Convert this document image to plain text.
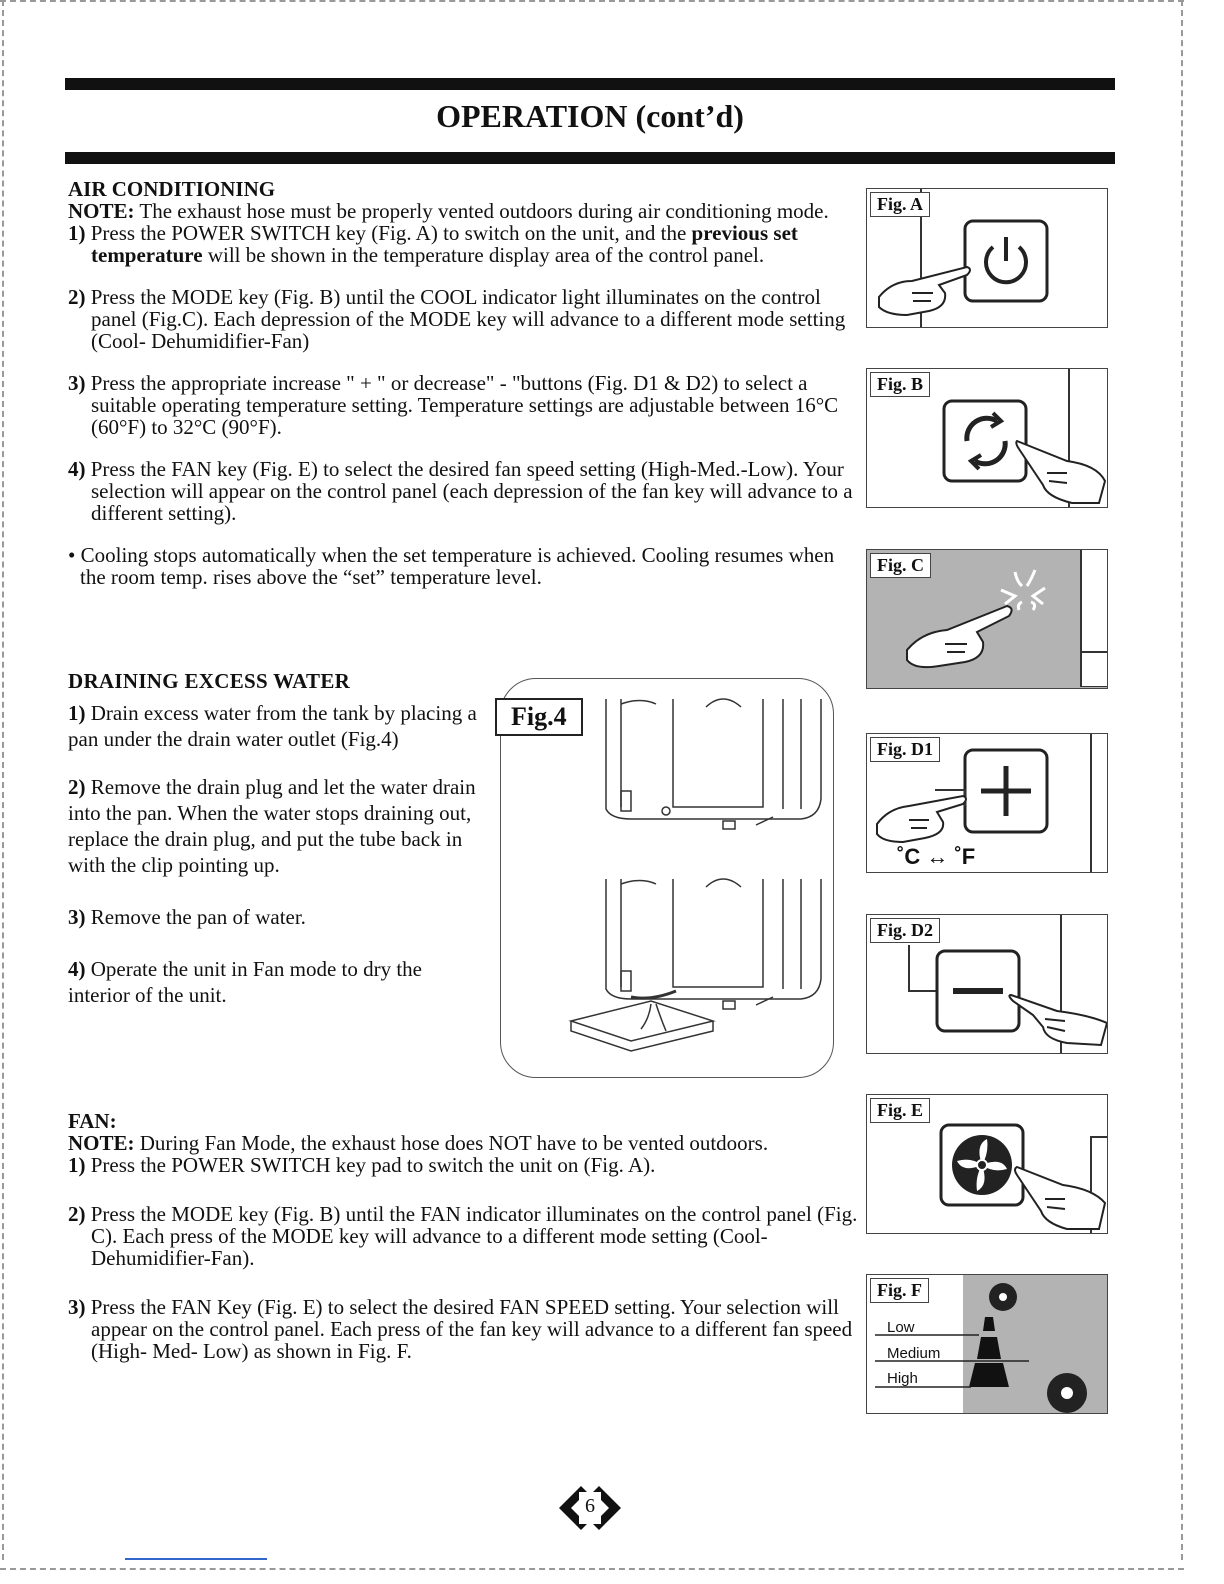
OPERATION (cont’d)
AIR CONDITIONING
NOTE: The exhaust hose must be properly vented outdoors during air conditioning mode.
1) Press the POWER SWITCH key (Fig. A) to switch on the unit, and the previous set temperature will be shown in the temperature display area of the control panel.
2) Press the MODE key (Fig. B) until the COOL indicator light illuminates on the control panel (Fig.C). Each depression of the MODE key will advance to a different mode setting (Cool- Dehumidifier-Fan)
3) Press the appropriate increase " + " or decrease" - "buttons (Fig. D1 & D2) to select a suitable operating temperature setting. Temperature settings are adjustable between 16°C (60°F) to 32°C (90°F).
4) Press the FAN key (Fig. E) to select the desired fan speed setting (High-Med.-Low). Your selection will appear on the control panel (each depression of the fan key will advance to a different setting).
• Cooling stops automatically when the set temperature is achieved. Cooling resumes when the room temp. rises above the “set” temperature level.
DRAINING EXCESS WATER
1) Drain excess water from the tank by placing a pan under the drain water outlet (Fig.4)
2) Remove the drain plug and let the water drain into the pan. When the water stops draining out, replace the drain plug, and put the tube back in with the clip pointing up.
3) Remove the pan of water.
4) Operate the unit in Fan mode to dry the interior of the unit.
Fig.4
FAN:
NOTE: During Fan Mode, the exhaust hose does NOT have to be vented outdoors.
1) Press the POWER SWITCH key pad to switch the unit on (Fig. A).
2) Press the MODE key (Fig. B) until the FAN indicator illuminates on the control panel (Fig. C). Each press of the MODE key will advance to a different mode setting (Cool- Dehumidifier-Fan).
3) Press the FAN Key (Fig. E) to select the desired FAN SPEED setting. Your selection will appear on the control panel. Each press of the fan key will advance to a different fan speed (High- Med- Low) as shown in Fig. F.
Fig. A
Fig. B
Fig. C
Fig. D1
˚C ↔ ˚F
Fig. D2
Fig. E
Fig. F
Low
Medium
High
6
